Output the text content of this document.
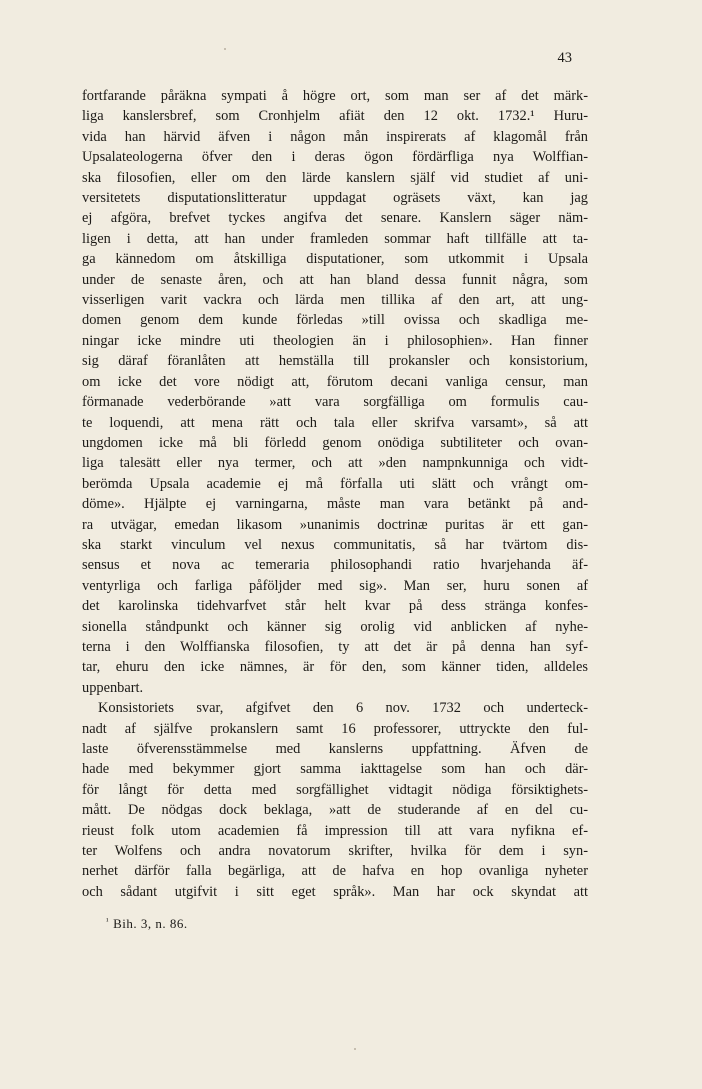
43
fortfarande påräkna sympati å högre ort, som man ser af det märk-
liga kanslersbref, som Cronhjelm afiät den 12 okt. 1732.¹ Huru-
vida han härvid äfven i någon mån inspirerats af klagomål från
Upsalateologerna öfver den i deras ögon fördärfliga nya Wolffian-
ska filosofien, eller om den lärde kanslern själf vid studiet af uni-
versitetets disputationslitteratur uppdagat ogräsets växt, kan jag
ej afgöra, brefvet tyckes angifva det senare. Kanslern säger näm-
ligen i detta, att han under framleden sommar haft tillfälle att ta-
ga kännedom om åtskilliga disputationer, som utkommit i Upsala
under de senaste åren, och att han bland dessa funnit några, som
visserligen varit vackra och lärda men tillika af den art, att ung-
domen genom dem kunde förledas »till ovissa och skadliga me-
ningar icke mindre uti theologien än i philosophien». Han finner
sig däraf föranlåten att hemställa till prokansler och konsistorium,
om icke det vore nödigt att, förutom decani vanliga censur, man
förmanade vederbörande »att vara sorgfälliga om formulis cau-
te loquendi, att mena rätt och tala eller skrifva varsamt», så att
ungdomen icke må bli förledd genom onödiga subtiliteter och ovan-
liga talesätt eller nya termer, och att »den nampnkunniga och vidt-
berömda Upsala academie ej må förfalla uti slätt och vrångt om-
döme». Hjälpte ej varningarna, måste man vara betänkt på and-
ra utvägar, emedan likasom »unanimis doctrinæ puritas är ett gan-
ska starkt vinculum vel nexus communitatis, så har tvärtom dis-
sensus et nova ac temeraria philosophandi ratio hvarjehanda äf-
ventyrliga och farliga påföljder med sig». Man ser, huru sonen af
det karolinska tidehvarfvet står helt kvar på dess stränga konfes-
sionella ståndpunkt och känner sig orolig vid anblicken af nyhe-
terna i den Wolffianska filosofien, ty att det är på denna han syf-
tar, ehuru den icke nämnes, är för den, som känner tiden, alldeles
uppenbart.
Konsistoriets svar, afgifvet den 6 nov. 1732 och underteck-
nadt af själfve prokanslern samt 16 professorer, uttryckte den ful-
laste öfverensstämmelse med kanslerns uppfattning. Äfven de
hade med bekymmer gjort samma iakttagelse som han och där-
för långt för detta med sorgfällighet vidtagit nödiga försiktighets-
mått. De nödgas dock beklaga, »att de studerande af en del cu-
rieust folk utom academien få impression till att vara nyfikna ef-
ter Wolfens och andra novatorum skrifter, hvilka för dem i syn-
nerhet därför falla begärliga, att de hafva en hop ovanliga nyheter
och sådant utgifvit i sitt eget språk». Man har ock skyndat att
$^{^1}$ Bih. 3, n. 86.
